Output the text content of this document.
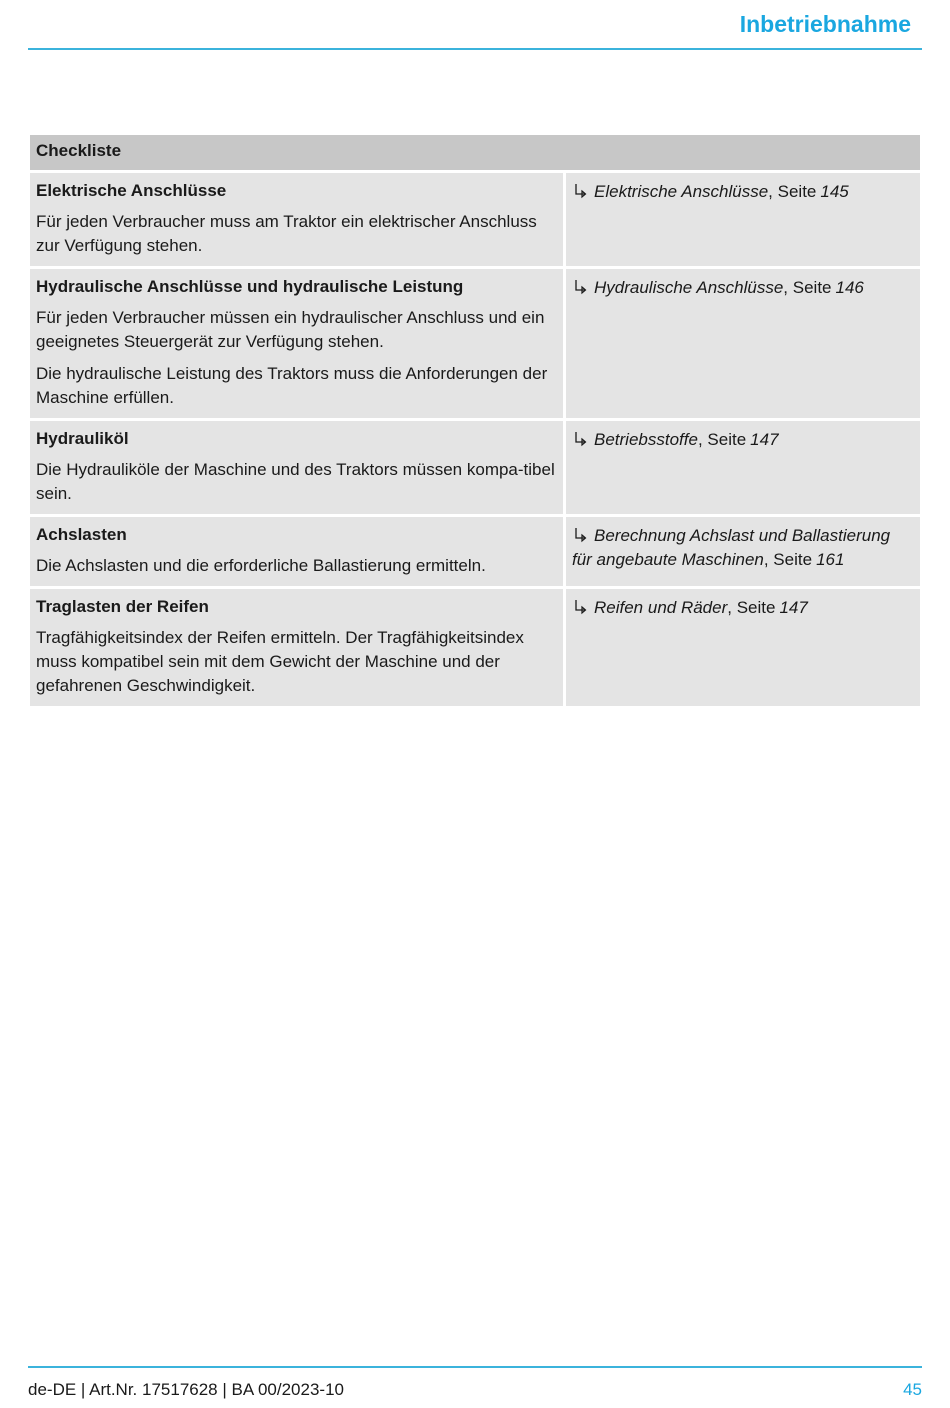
Inbetriebnahme
Checkliste
Elektrische Anschlüsse
Für jeden Verbraucher muss am Traktor ein elektrischer Anschluss zur Verfügung stehen.
Elektrische Anschlüsse, Seite 145
Hydraulische Anschlüsse und hydraulische Leistung
Für jeden Verbraucher müssen ein hydraulischer Anschluss und ein geeignetes Steuergerät zur Verfügung stehen.
Die hydraulische Leistung des Traktors muss die Anforderungen der Maschine erfüllen.
Hydraulische Anschlüsse, Seite 146
Hydrauliköl
Die Hydrauliköle der Maschine und des Traktors müssen kompa-tibel sein.
Betriebsstoffe, Seite 147
Achslasten
Die Achslasten und die erforderliche Ballastierung ermitteln.
Berechnung Achslast und Ballastierung für angebaute Maschinen, Seite 161
Traglasten der Reifen
Tragfähigkeitsindex der Reifen ermitteln. Der Tragfähigkeitsindex muss kompatibel sein mit dem Gewicht der Maschine und der gefahrenen Geschwindigkeit.
Reifen und Räder, Seite 147
de-DE | Art.Nr. 17517628 | BA 00/2023-10	45
